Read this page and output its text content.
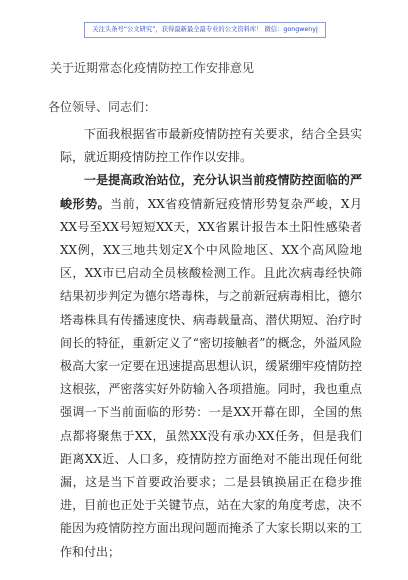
关注头条号“公文研究”，获得最新最全最专业的公文资料库！ 微信：gongwenyj
关于近期常态化疫情防控工作安排意见
各位领导、同志们：

下面我根据省市最新疫情防控有关要求，结合全县实际，就近期疫情防控工作作以安排。

一是提高政治站位，充分认识当前疫情防控面临的严峻形势。当前，XX省疫情新冠疫情形势复杂严峻，X月XX号至XX号短短XX天，XX省累计报告本土阳性感染者XX例，XX三地共划定X个中风险地区、XX个高风险地区，XX市已启动全员核酸检测工作。且此次病毒经快筛结果初步判定为德尔塔毒株，与之前新冠病毒相比，德尔塔毒株具有传播速度快、病毒载量高、潜伏期短、治疗时间长的特征，重新定义了“密切接触者”的概念，外溢风险极高大家一定要在迅速提高思想认识，缓紧绷牢疫情防控这根弦，严密落实好外防输入各项措施。同时，我也重点强调一下当前面临的形势：一是XX开幕在即，全国的焦点都将聚焦于XX，虽然XX没有承办XX任务，但是我们距离XX近、人口多，疫情防控方面绝对不能出现任何纰漏，这是当下首要政治要求；二是县镇换届正在稳步推进，目前也正处于关键节点，站在大家的角度考虑，决不能因为疫情防控方面出现问题而掩杀了大家长期以来的工作和付出；
